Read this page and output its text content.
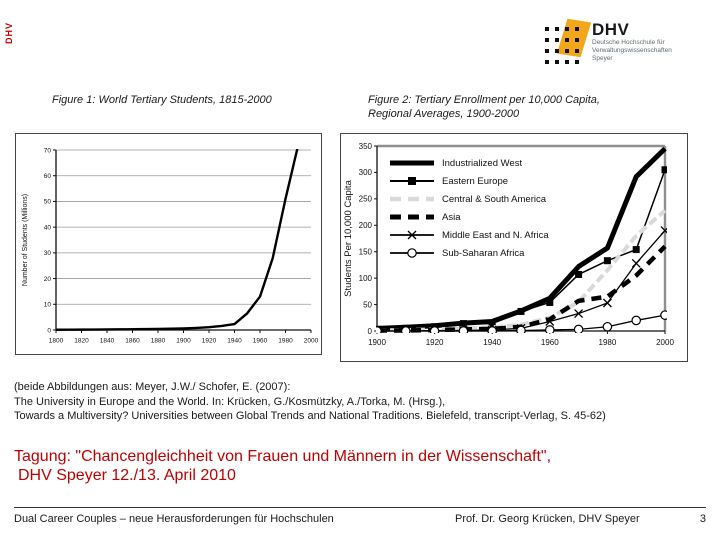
DHV	DHV
Deutsche Hochschule für
Verwaltungswissenschaften
Speyer
Figure 1: World Tertiary Students, 1815-2000	Figure 2: Tertiary Enrollment per 10,000 Capita,
Regional Averages, 1900-2000
0
10
20
30
40
50
60
70
1800 1820 1840 1860 1880 1900 1920 1940 1960 1980 2000
Number of Students (Millions)
0
50
100
150
200
250
300
350
1900	1920	1940	1960	1980	2000
Students Per 10,000 Capita
Industrialized West
Eastern Europe
Central & South America
Asia
Middle East and N. Africa
Sub-Saharan Africa
(beide Abbildungen aus: Meyer, J.W./ Schofer, E. (2007):
The University in Europe and the World. In: Krücken, G./Kosmützky, A./Torka, M. (Hrsg.),
Towards a Multiversity? Universities between Global Trends and National Traditions. Bielefeld, transcript-Verlag, S. 45-62)
Tagung: "Chancengleichheit von Frauen und Männern in der Wissenschaft",
DHV Speyer 12./13. April 2010
Dual Career Couples – neue Herausforderungen für Hochschulen	Prof. Dr. Georg Krücken, DHV Speyer	3
